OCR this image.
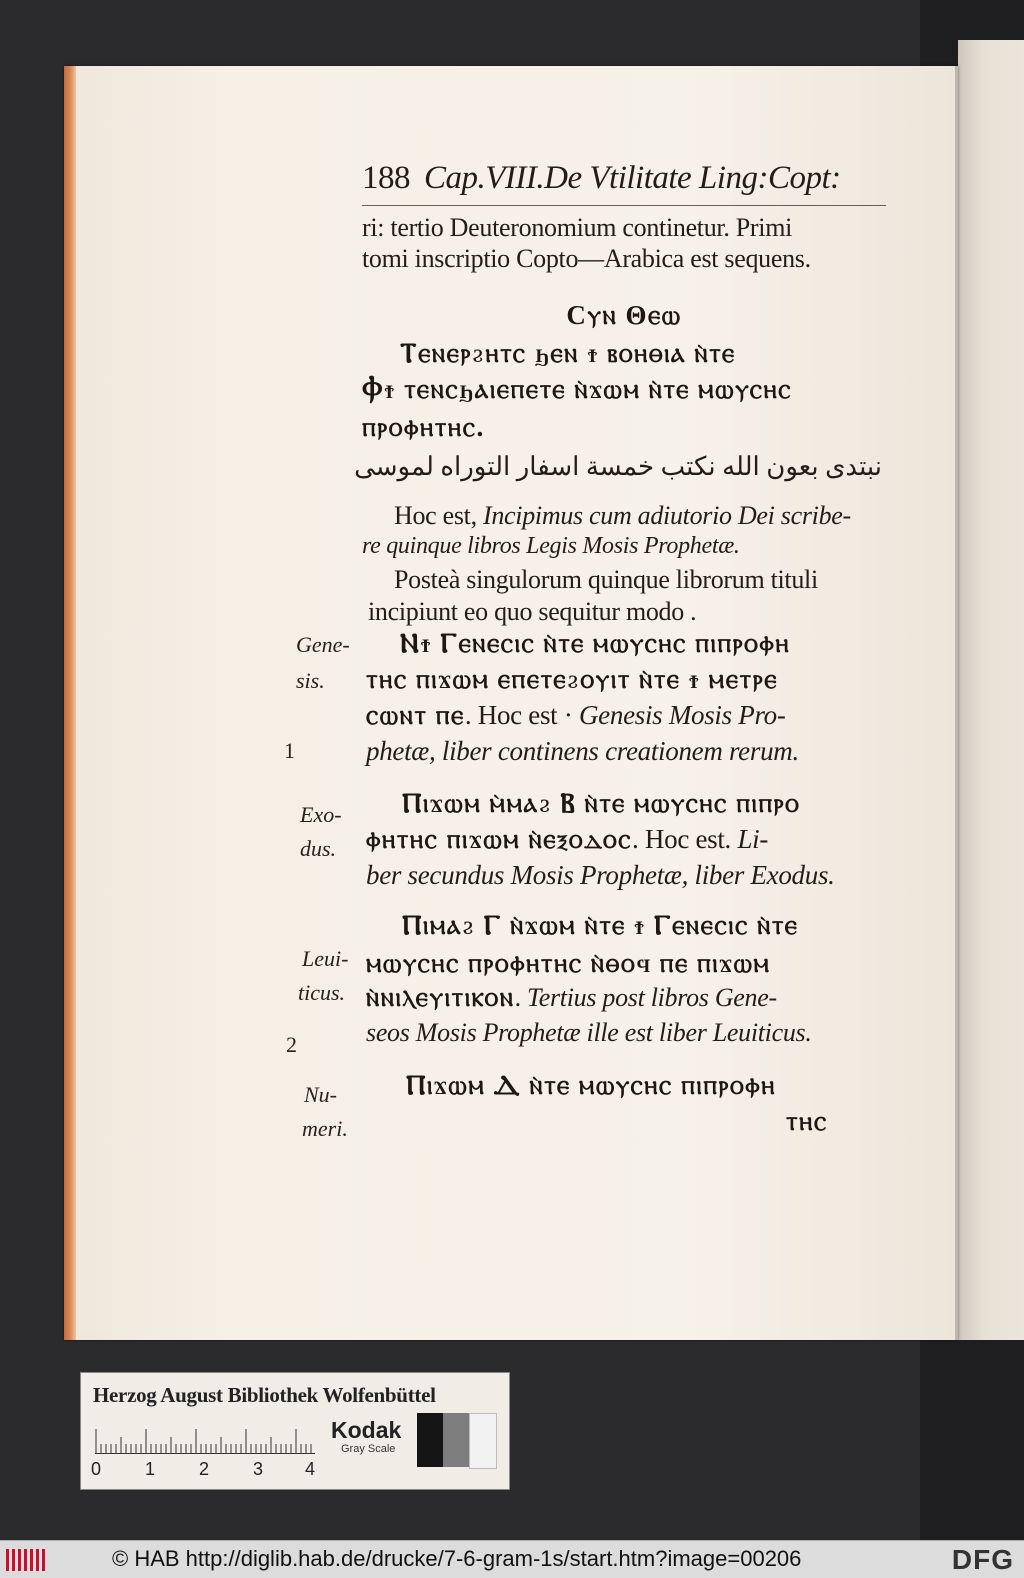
188 Cap.VIII.De Vtilitate Ling:Copt:
ri: tertio Deuteronomium continetur. Primi
tomi inscriptio Copto—Arabica est sequens.
Cⲩⲛ Θⲉⲱ
Ⲧⲉⲛⲉⲣϩⲏⲧⲥ ϧⲉⲛ ϯ ⲃⲟⲏⲑⲓⲁ ⲛ̀ⲧⲉ
Ⲫϯ ⲧⲉⲛⲥϧⲁⲓⲉⲡⲉⲧⲉ ⲛ̀ϫⲱⲙ ⲛ̀ⲧⲉ ⲙⲱⲩⲥⲏⲥ
ⲡⲣⲟⲫⲏⲧⲏⲥ.
نبتدى بعون الله نكتب خمسة اسفار التوراه لموسى
Hoc est, Incipimus cum adiutorio Dei scribe-
re quinque libros Legis Mosis Prophetæ.
Posteà singulorum quinque librorum tituli
incipiunt eo quo sequitur modo .
Gene-
sis.
1
Ⲛϯ Ⲅⲉⲛⲉⲥⲓⲥ ⲛ̀ⲧⲉ ⲙⲱⲩⲥⲏⲥ ⲡⲓⲡⲣⲟⲫⲏ
ⲧⲏⲥ ⲡⲓϫⲱⲙ ⲉⲡⲉⲧⲉϩⲟⲩⲓⲧ ⲛ̀ⲧⲉ ϯ ⲙⲉⲧⲣⲉ
ⲥⲱⲛⲧ ⲡⲉ. Hoc est · Genesis Mosis Pro-
phetæ, liber continens creationem rerum.
Exo-
dus.
Ⲡⲓϫⲱⲙ ⲙ̀ⲙⲁϩ Ⲃ ⲛ̀ⲧⲉ ⲙⲱⲩⲥⲏⲥ ⲡⲓⲡⲣⲟ
ⲫⲏⲧⲏⲥ ⲡⲓϫⲱⲙ ⲛ̀ⲉⲝⲟⲇⲟⲥ. Hoc est. Li-
ber secundus Mosis Prophetæ, liber Exodus.
Leui-
ticus.
2
Ⲡⲓⲙⲁϩ Ⲅ ⲛ̀ϫⲱⲙ ⲛ̀ⲧⲉ ϯ Ⲅⲉⲛⲉⲥⲓⲥ ⲛ̀ⲧⲉ
ⲙⲱⲩⲥⲏⲥ ⲡⲣⲟⲫⲏⲧⲏⲥ ⲛ̀ⲑⲟϥ ⲡⲉ ⲡⲓϫⲱⲙ
ⲛ̀ⲛⲓⲗⲉⲩⲓⲧⲓⲕⲟⲛ. Tertius post libros Gene-
seos Mosis Prophetæ ille est liber Leuiticus.
Nu-
meri.
Ⲡⲓϫⲱⲙ Ⲇ ⲛ̀ⲧⲉ ⲙⲱⲩⲥⲏⲥ ⲡⲓⲡⲣⲟⲫⲏ
ⲧⲏⲥ
Herzog August Bibliothek Wolfenbüttel
0 1 2 3 4
Kodak
Gray Scale
© HAB http://diglib.hab.de/drucke/7-6-gram-1s/start.htm?image=00206	DFG
